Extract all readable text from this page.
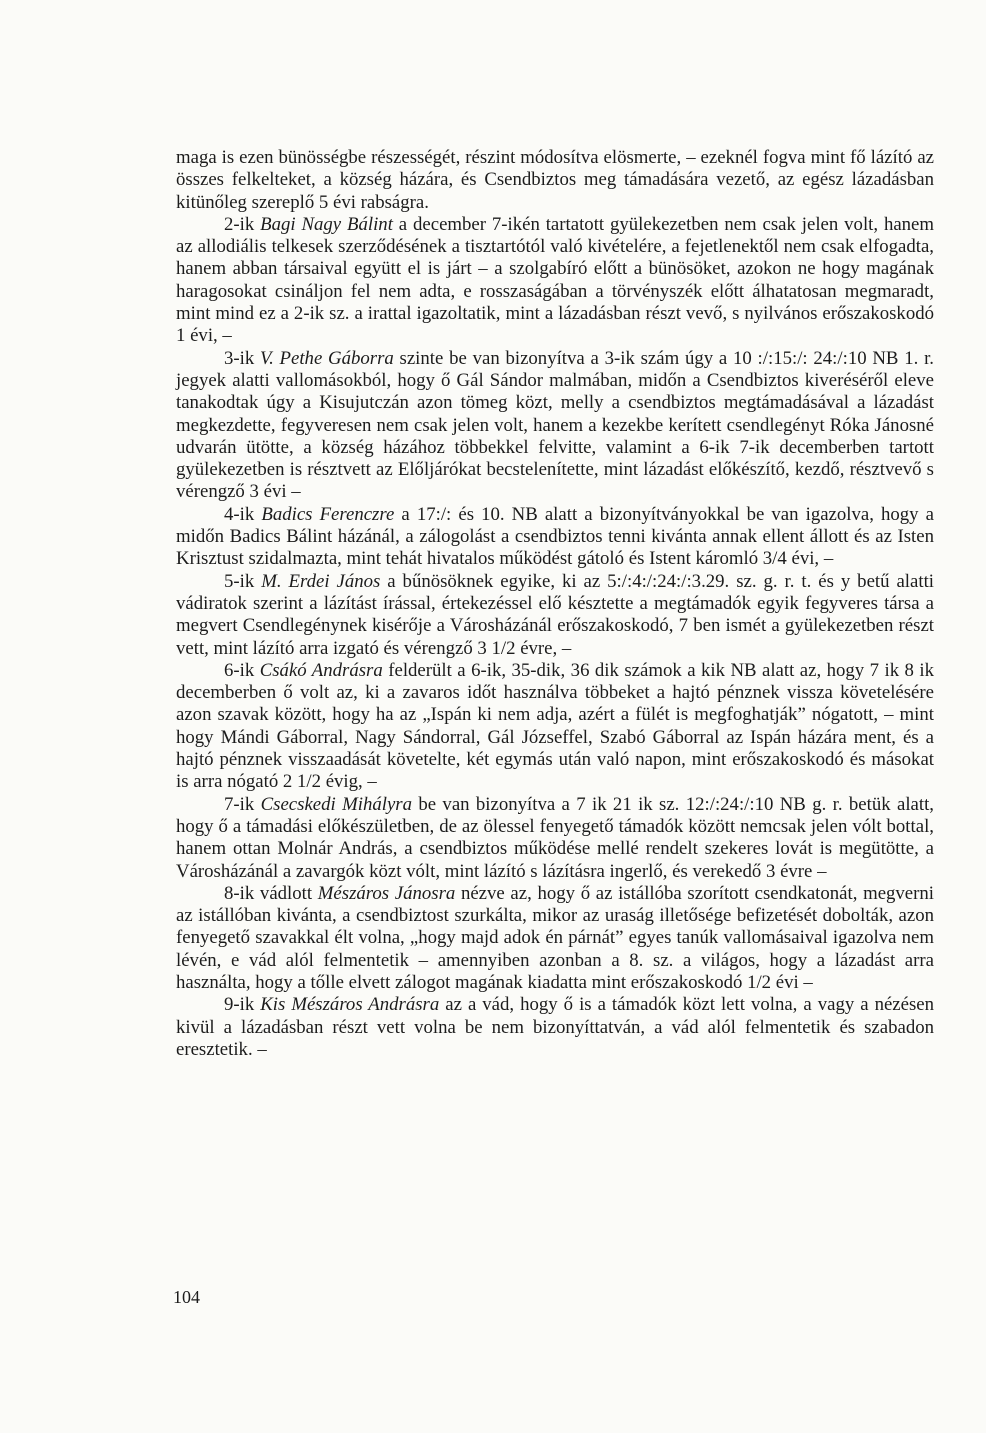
maga is ezen bünösségbe részességét, részint módosítva elösmerte, – ezeknél fogva mint fő lázító az összes felkelteket, a község házára, és Csendbiztos meg támadására vezető, az egész lázadásban kitünőleg szereplő 5 évi rabságra.

2-ik Bagi Nagy Bálint a december 7-ikén tartatott gyülekezetben nem csak jelen volt, hanem az allodiális telkesek szerződésének a tisztartótól való kivételére, a fejetlenektől nem csak elfogadta, hanem abban társaival együtt el is járt – a szolgabíró előtt a bünösöket, azokon ne hogy magának haragosokat csináljon fel nem adta, e rosszaságában a törvényszék előtt álhatatosan megmaradt, mint mind ez a 2-ik sz. a irattal igazoltatik, mint a lázadásban részt vevő, s nyilvános erőszakoskodó 1 évi, –

3-ik V. Pethe Gáborra szinte be van bizonyítva a 3-ik szám úgy a 10 :/:15:/: 24:/:10 NB 1. r. jegyek alatti vallomásokból, hogy ő Gál Sándor malmában, midőn a Csendbiztos kiveréséről eleve tanakodtak úgy a Kisujutczán azon tömeg közt, melly a csendbiztos megtámadásával a lázadást megkezdette, fegyveresen nem csak jelen volt, hanem a kezekbe kerített csendlegényt Róka Jánosné udvarán ütötte, a község házához többekkel felvitte, valamint a 6-ik 7-ik decemberben tartott gyülekezetben is résztvett az Előljárókat becstelenítette, mint lázadást előkészítő, kezdő, résztvevő s vérengző 3 évi –

4-ik Badics Ferenczre a 17:/: és 10. NB alatt a bizonyítványokkal be van igazolva, hogy a midőn Badics Bálint házánál, a zálogolást a csendbiztos tenni kivánta annak ellent állott és az Isten Krisztust szidalmazta, mint tehát hivatalos működést gátoló és Istent káromló 3/4 évi, –

5-ik M. Erdei János a bűnösöknek egyike, ki az 5:/:4:/:24:/:3.29. sz. g. r. t. és y betű alatti vádiratok szerint a lázítást írással, értekezéssel elő késztette a megtámadók egyik fegyveres társa a megvert Csendlegénynek kisérője a Városházánál erőszakoskodó, 7 ben ismét a gyülekezetben részt vett, mint lázító arra izgató és vérengző 3 1/2 évre, –

6-ik Csákó Andrásra felderült a 6-ik, 35-dik, 36 dik számok a kik NB alatt az, hogy 7 ik 8 ik decemberben ő volt az, ki a zavaros időt használva többeket a hajtó pénznek vissza követelésére azon szavak között, hogy ha az „Ispán ki nem adja, azért a fülét is megfoghatják” nógatott, – mint hogy Mándi Gáborral, Nagy Sándorral, Gál Józseffel, Szabó Gáborral az Ispán házára ment, és a hajtó pénznek visszaadását követelte, két egymás után való napon, mint erőszakoskodó és másokat is arra nógató 2 1/2 évig, –

7-ik Csecskedi Mihályra be van bizonyítva a 7 ik 21 ik sz. 12:/:24:/:10 NB g. r. betük alatt, hogy ő a támadási előkészületben, de az ölessel fenyegető támadók között nemcsak jelen vólt bottal, hanem ottan Molnár András, a csendbiztos működése mellé rendelt szekeres lovát is megütötte, a Városházánál a zavargók közt vólt, mint lázító s lázításra ingerlő, és verekedő 3 évre –

8-ik vádlott Mészáros Jánosra nézve az, hogy ő az istállóba szorított csendkatonát, megverni az istállóban kivánta, a csendbiztost szurkálta, mikor az uraság illetősége befizetését dobolták, azon fenyegető szavakkal élt volna, „hogy majd adok én párnát” egyes tanúk vallomásaival igazolva nem lévén, e vád alól felmentetik – amennyiben azonban a 8. sz. a világos, hogy a lázadást arra használta, hogy a tőlle elvett zálogot magának kiadatta mint erőszakoskodó 1/2 évi –

9-ik Kis Mészáros Andrásra az a vád, hogy ő is a támadók közt lett volna, a vagy a nézésen kivül a lázadásban részt vett volna be nem bizonyíttatván, a vád alól felmentetik és szabadon eresztetik. –

104
